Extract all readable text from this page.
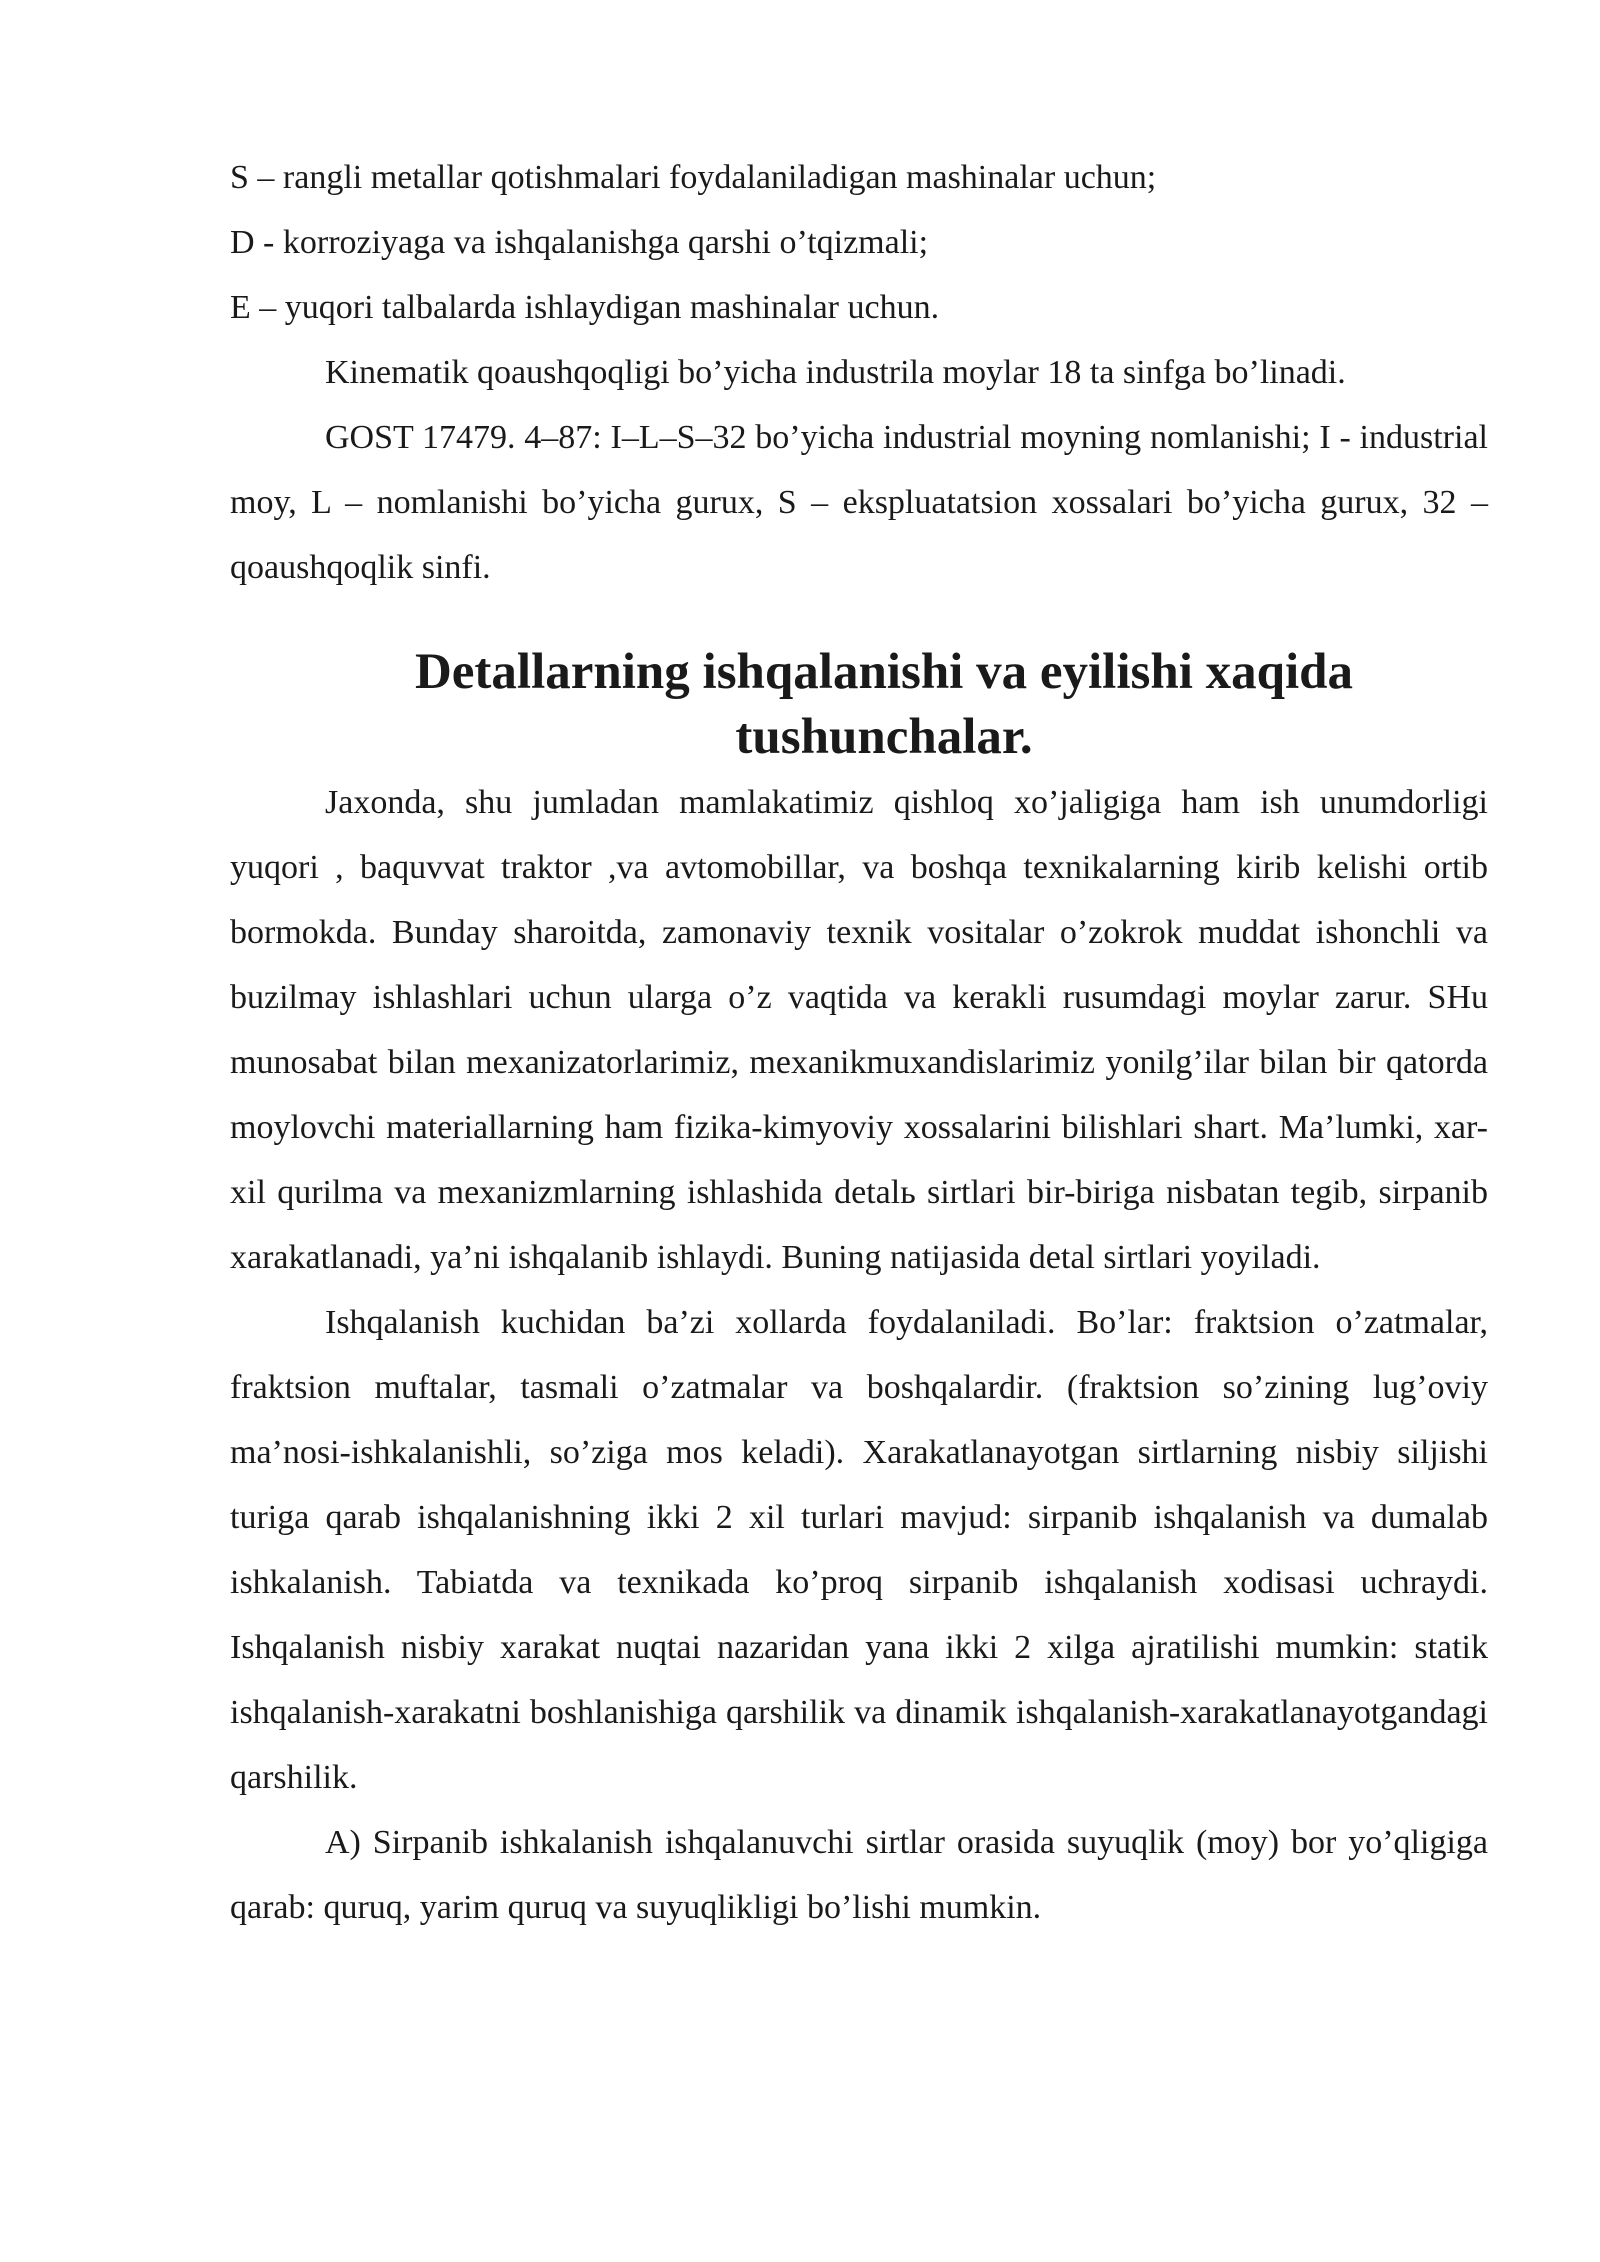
S – rangli metallar qotishmalari foydalaniladigan mashinalar uchun;

D - korroziyaga va ishqalanishga qarshi o’tqizmali;

E – yuqori talbalarda ishlaydigan mashinalar uchun.

Kinematik qoaushqoqligi bo’yicha industrila moylar 18 ta sinfga bo’linadi.

GOST 17479. 4–87: I–L–S–32 bo’yicha industrial moyning nomlanishi; I - industrial moy, L – nomlanishi bo’yicha gurux, S – ekspluatatsion xossalari bo’yicha gurux, 32 – qoaushqoqlik sinfi.

Detallarning ishqalanishi va eyilishi xaqida tushunchalar.

Jaxonda, shu jumladan mamlakatimiz qishloq xo’jaligiga ham ish unumdorligi yuqori , baquvvat traktor ,va avtomobillar, va boshqa texnikalarning kirib kelishi ortib bormokda. Bunday sharoitda, zamonaviy texnik vositalar o’zokrok muddat ishonchli va buzilmay ishlashlari uchun ularga o’z vaqtida va kerakli rusumdagi moylar zarur. SHu munosabat bilan mexanizatorlarimiz, mexanikmuxandislarimiz yonilg’ilar bilan bir qatorda moylovchi materiallarning ham fizika-kimyoviy xossalarini bilishlari shart. Ma’lumki, xar-xil qurilma va mexanizmlarning ishlashida detalь sirtlari bir-biriga nisbatan tegib, sirpanib xarakatlanadi, ya’ni ishqalanib ishlaydi. Buning natijasida detal sirtlari yoyiladi.

Ishqalanish kuchidan ba’zi xollarda foydalaniladi. Bo’lar: fraktsion o’zatmalar, fraktsion muftalar, tasmali o’zatmalar va boshqalardir. (fraktsion so’zining lug’oviy ma’nosi-ishkalanishli, so’ziga mos keladi). Xarakatlanayotgan sirtlarning nisbiy siljishi turiga qarab ishqalanishning ikki 2 xil turlari mavjud: sirpanib ishqalanish va dumalab ishkalanish. Tabiatda va texnikada ko’proq sirpanib ishqalanish xodisasi uchraydi. Ishqalanish nisbiy xarakat nuqtai nazaridan yana ikki 2 xilga ajratilishi mumkin: statik ishqalanish-xarakatni boshlanishiga qarshilik va dinamik ishqalanish-xarakatlanayotgandagi qarshilik.

A) Sirpanib ishkalanish ishqalanuvchi sirtlar orasida suyuqlik (moy) bor yo’qligiga qarab: quruq, yarim quruq va suyuqlikligi bo’lishi mumkin.
